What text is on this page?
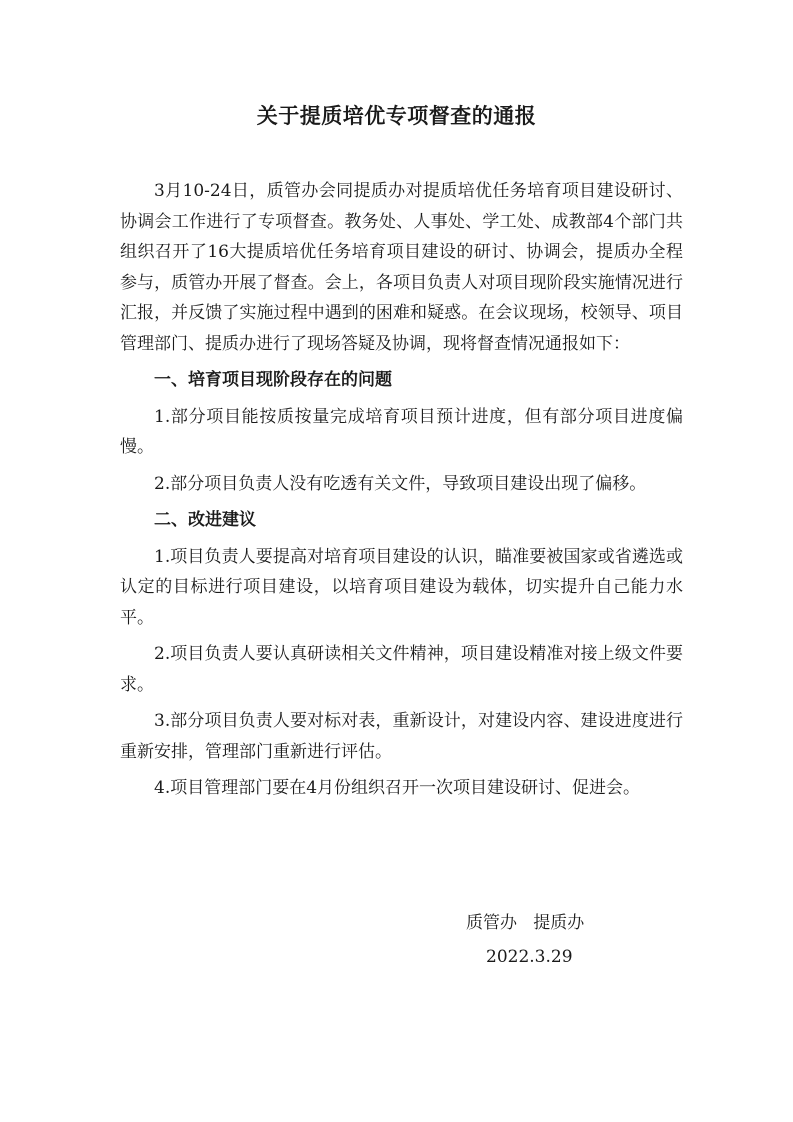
关于提质培优专项督查的通报

3月10-24日，质管办会同提质办对提质培优任务培育项目建设研讨、协调会工作进行了专项督查。教务处、人事处、学工处、成教部4个部门共组织召开了16大提质培优任务培育项目建设的研讨、协调会，提质办全程参与，质管办开展了督查。会上，各项目负责人对项目现阶段实施情况进行汇报，并反馈了实施过程中遇到的困难和疑惑。在会议现场，校领导、项目管理部门、提质办进行了现场答疑及协调，现将督查情况通报如下：

一、培育项目现阶段存在的问题

1.部分项目能按质按量完成培育项目预计进度，但有部分项目进度偏慢。

2.部分项目负责人没有吃透有关文件，导致项目建设出现了偏移。

二、改进建议

1.项目负责人要提高对培育项目建设的认识，瞄准要被国家或省遴选或认定的目标进行项目建设，以培育项目建设为载体，切实提升自己能力水平。

2.项目负责人要认真研读相关文件精神，项目建设精准对接上级文件要求。

3.部分项目负责人要对标对表，重新设计，对建设内容、建设进度进行重新安排，管理部门重新进行评估。

4.项目管理部门要在4月份组织召开一次项目建设研讨、促进会。

质管办   提质办
2022.3.29
